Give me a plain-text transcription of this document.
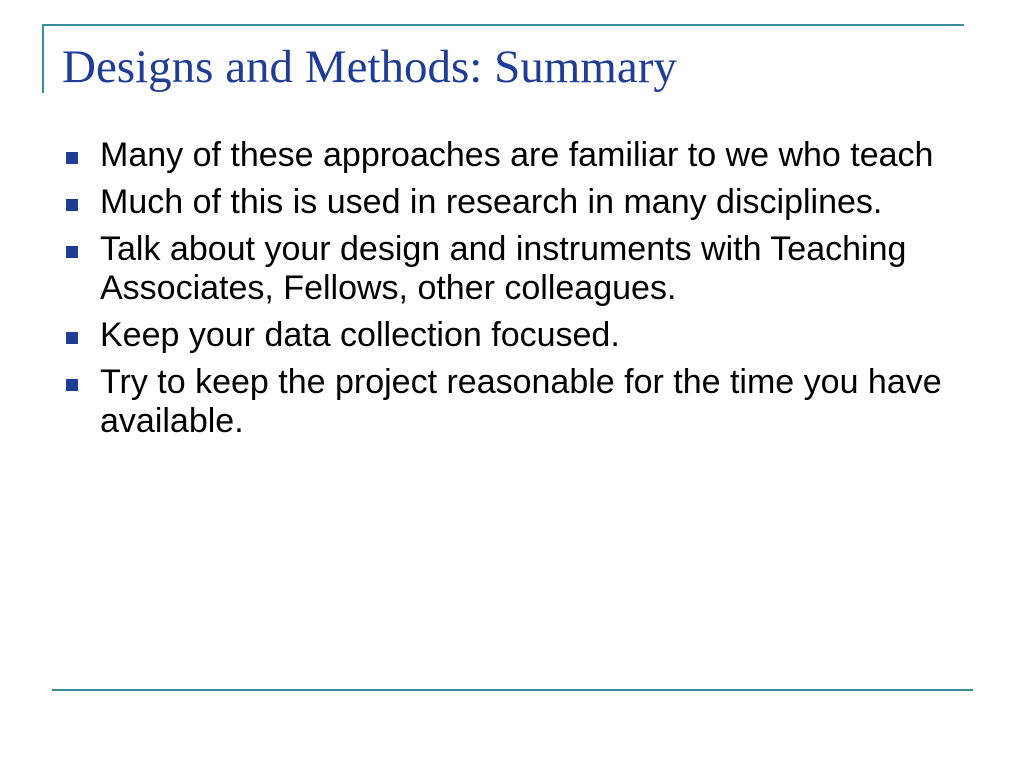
Designs and Methods: Summary
Many of these approaches are familiar to we who teach
Much of this is used in research in many disciplines.
Talk about your design and instruments with Teaching Associates, Fellows, other colleagues.
Keep your data collection focused.
Try to keep the project reasonable for the time you have available.
